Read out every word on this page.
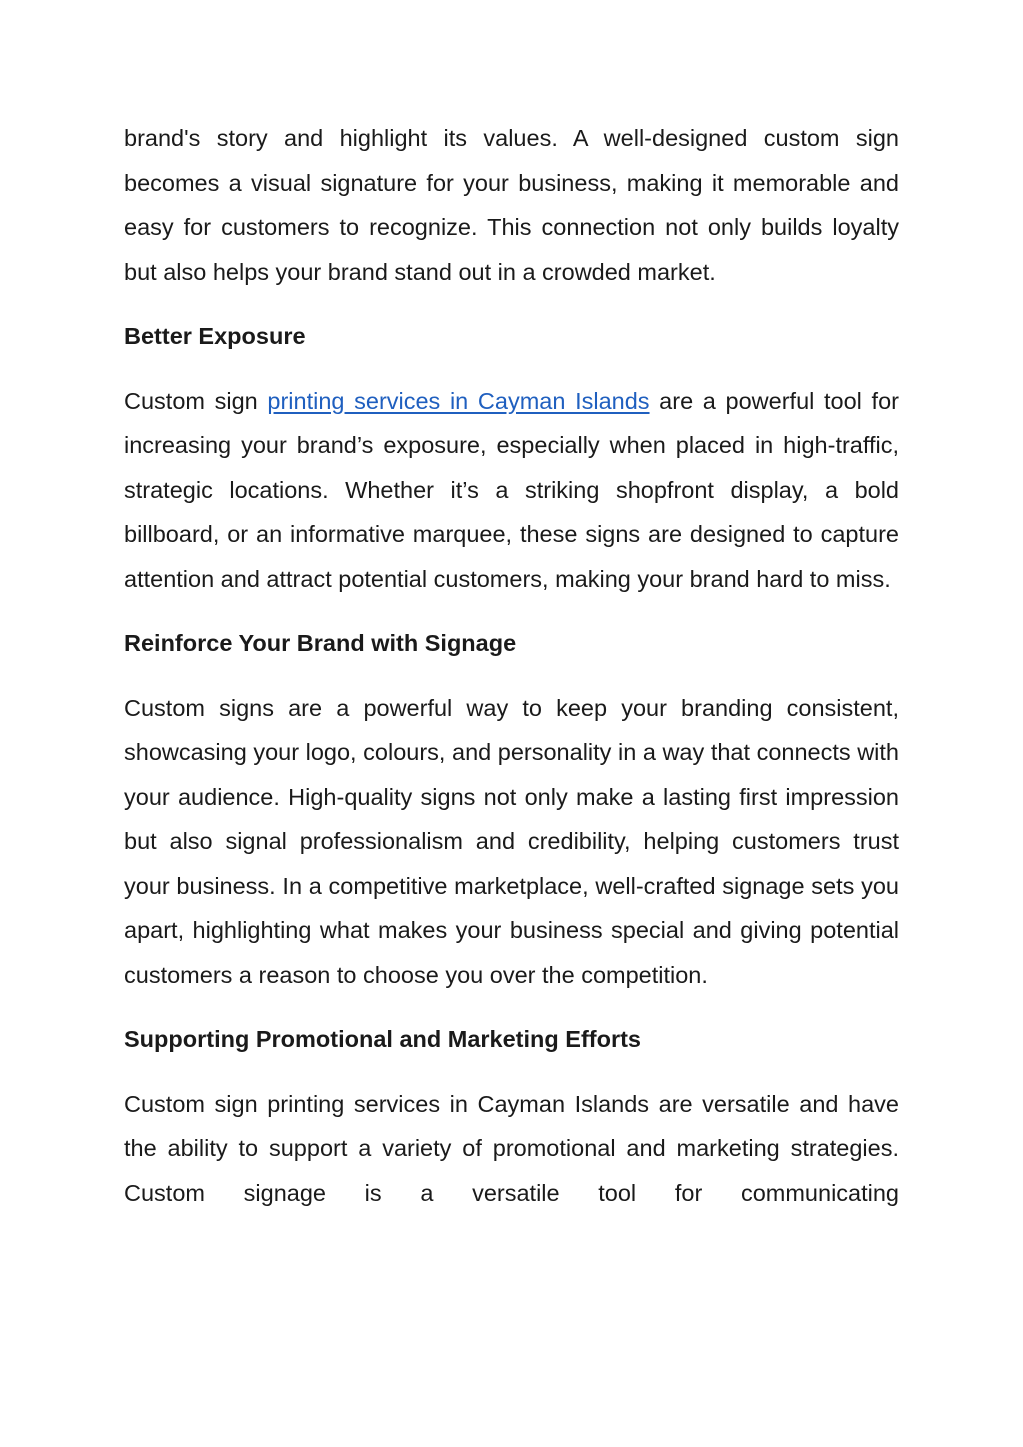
brand's story and highlight its values. A well-designed custom sign becomes a visual signature for your business, making it memorable and easy for customers to recognize. This connection not only builds loyalty but also helps your brand stand out in a crowded market.

Better Exposure

Custom sign printing services in Cayman Islands are a powerful tool for increasing your brand’s exposure, especially when placed in high-traffic, strategic locations. Whether it’s a striking shopfront display, a bold billboard, or an informative marquee, these signs are designed to capture attention and attract potential customers, making your brand hard to miss.

Reinforce Your Brand with Signage

Custom signs are a powerful way to keep your branding consistent, showcasing your logo, colours, and personality in a way that connects with your audience. High-quality signs not only make a lasting first impression but also signal professionalism and credibility, helping customers trust your business. In a competitive marketplace, well-crafted signage sets you apart, highlighting what makes your business special and giving potential customers a reason to choose you over the competition.

Supporting Promotional and Marketing Efforts

Custom sign printing services in Cayman Islands are versatile and have the ability to support a variety of promotional and marketing strategies. Custom signage is a versatile tool for communicating
